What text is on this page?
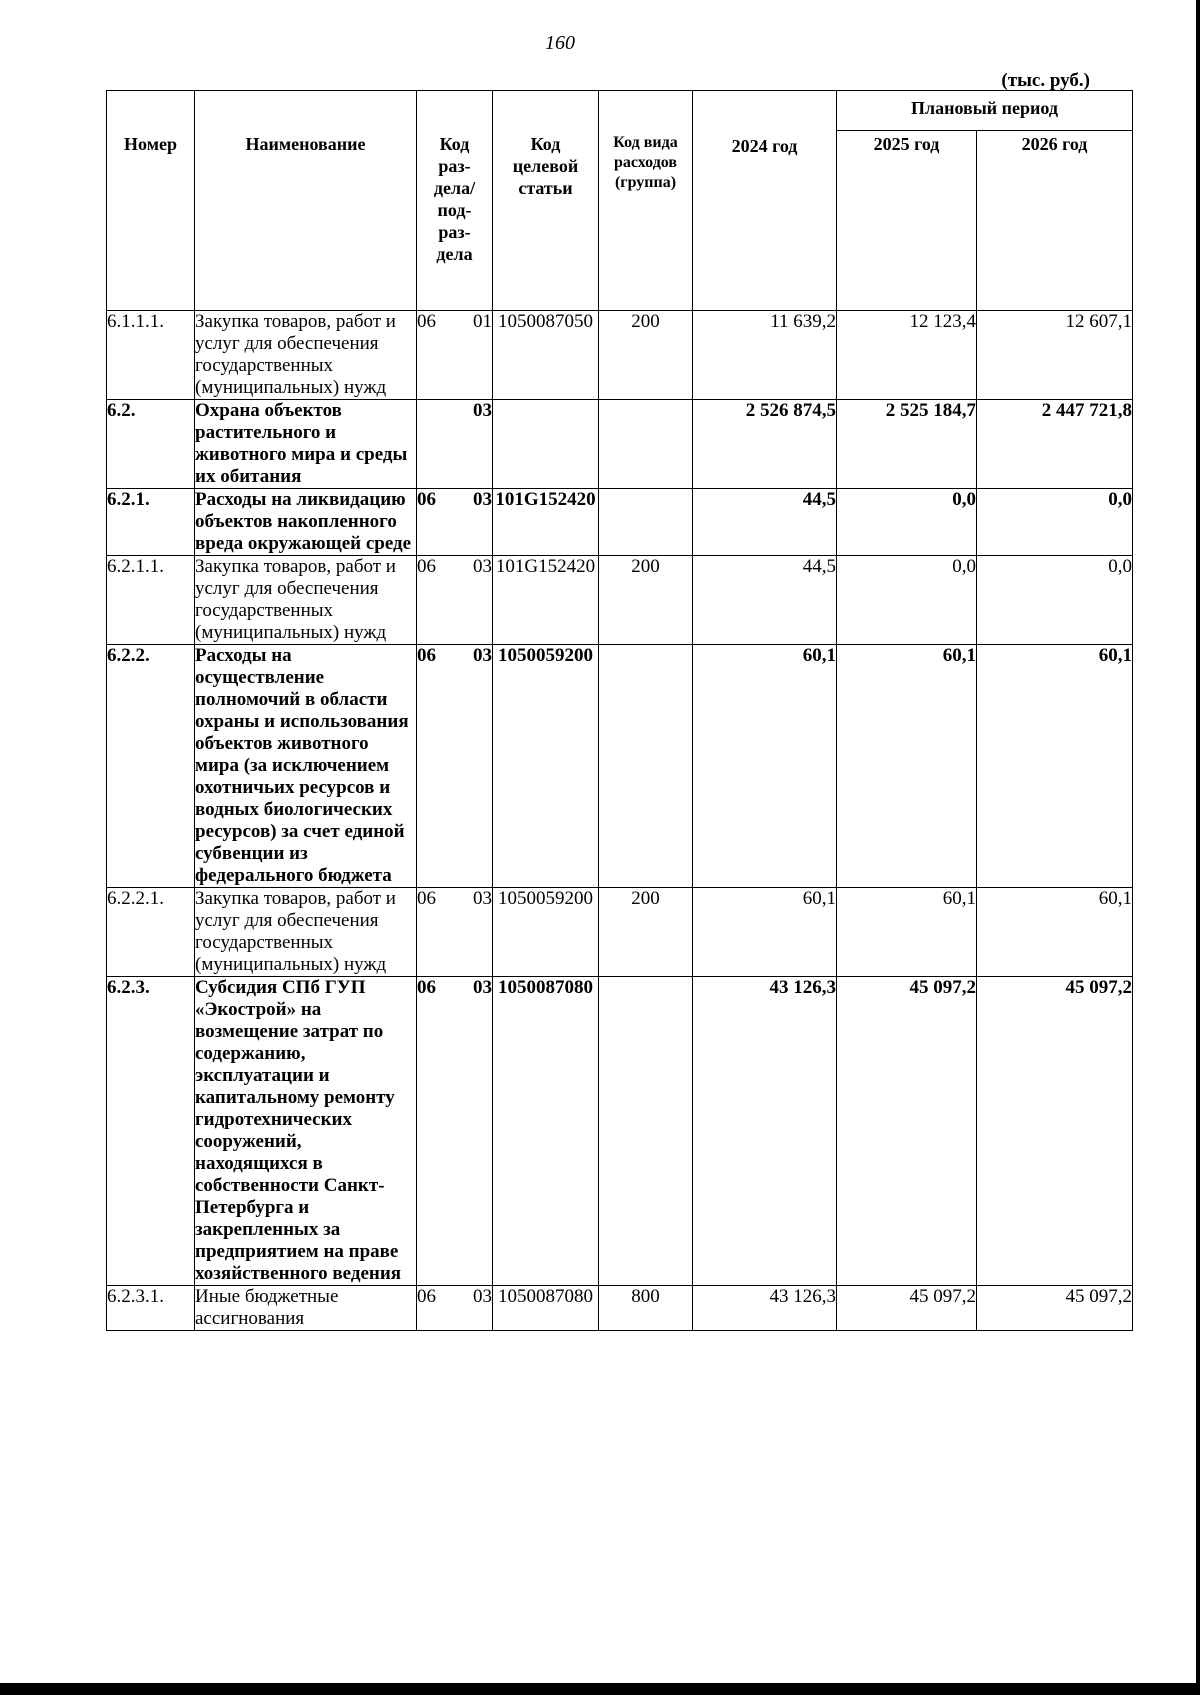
160
(тыс. руб.)
Номер	Наименование	Код раз- дела/ под- раз- дела	Код целевой статьи	Код вида расходов (группа)	2024 год	Плановый период	
						2025 год	2026 год
6.1.1.1.	Закупка товаров, работ и услуг для обеспечения государственных (муниципальных) нужд	06 01	1050087050	200	11 639,2	12 123,4	12 607,1
6.2.	Охрана объектов растительного и животного мира и среды их обитания	03			2 526 874,5	2 525 184,7	2 447 721,8
6.2.1.	Расходы на ликвидацию объектов накопленного вреда окружающей среде	06 03	101G152420		44,5	0,0	0,0
6.2.1.1.	Закупка товаров, работ и услуг для обеспечения государственных (муниципальных) нужд	06 03	101G152420	200	44,5	0,0	0,0
6.2.2.	Расходы на осуществление полномочий в области охраны и использования объектов животного мира (за исключением охотничьих ресурсов и водных биологических ресурсов) за счет единой субвенции из федерального бюджета	06 03	1050059200		60,1	60,1	60,1
6.2.2.1.	Закупка товаров, работ и услуг для обеспечения государственных (муниципальных) нужд	06 03	1050059200	200	60,1	60,1	60,1
6.2.3.	Субсидия СПб ГУП «Экострой» на возмещение затрат по содержанию, эксплуатации и капитальному ремонту гидротехнических сооружений, находящихся в собственности Санкт-Петербурга и закрепленных за предприятием на праве хозяйственного ведения	06 03	1050087080		43 126,3	45 097,2	45 097,2
6.2.3.1.	Иные бюджетные ассигнования	06 03	1050087080	800	43 126,3	45 097,2	45 097,2
